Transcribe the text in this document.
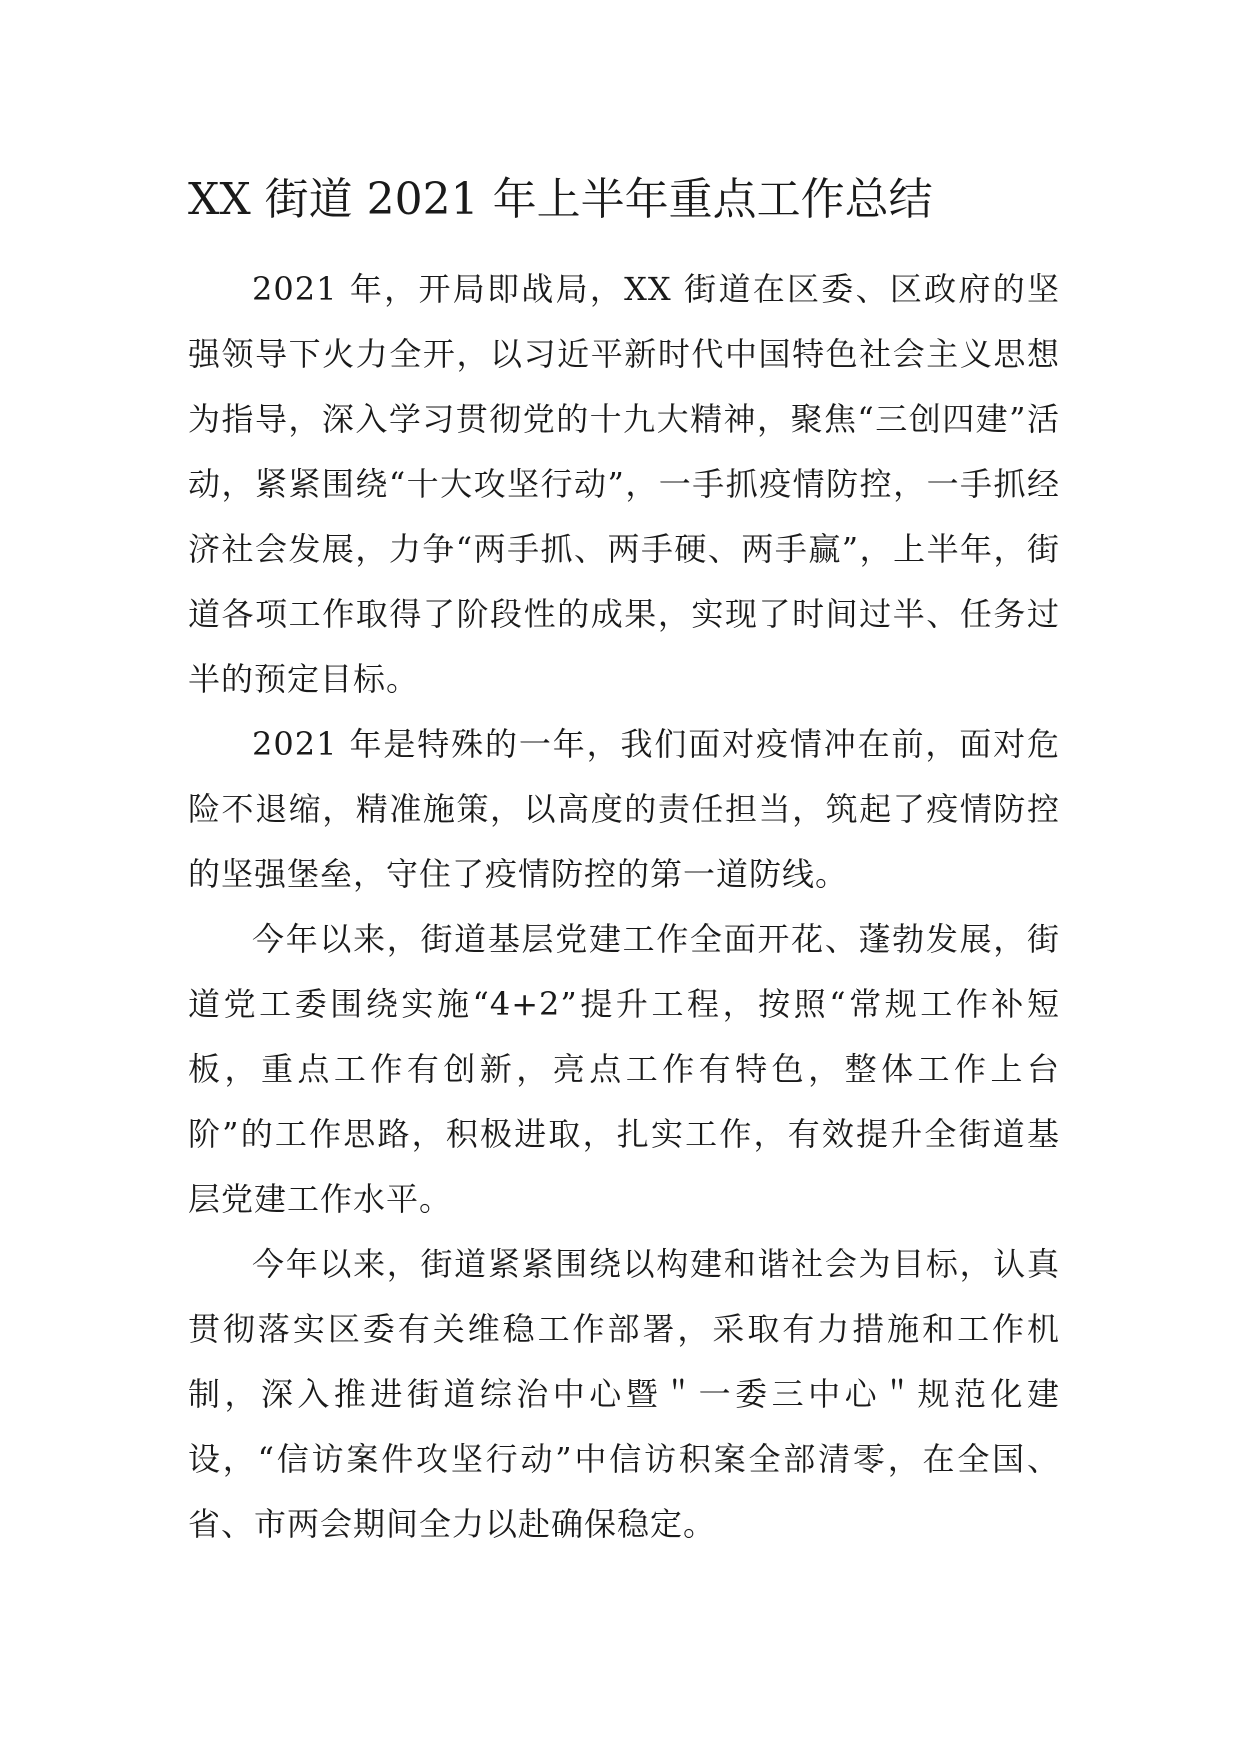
XX 街道 2021 年上半年重点工作总结

2021 年，开局即战局，XX 街道在区委、区政府的坚强领导下火力全开，以习近平新时代中国特色社会主义思想为指导，深入学习贯彻党的十九大精神，聚焦“三创四建”活动，紧紧围绕“十大攻坚行动”，一手抓疫情防控，一手抓经济社会发展，力争“两手抓、两手硬、两手赢”，上半年，街道各项工作取得了阶段性的成果，实现了时间过半、任务过半的预定目标。

2021 年是特殊的一年，我们面对疫情冲在前，面对危险不退缩，精准施策，以高度的责任担当，筑起了疫情防控的坚强堡垒，守住了疫情防控的第一道防线。

今年以来，街道基层党建工作全面开花、蓬勃发展，街道党工委围绕实施“4+2”提升工程，按照“常规工作补短板，重点工作有创新，亮点工作有特色，整体工作上台阶”的工作思路，积极进取，扎实工作，有效提升全街道基层党建工作水平。

今年以来，街道紧紧围绕以构建和谐社会为目标，认真贯彻落实区委有关维稳工作部署，采取有力措施和工作机制，深入推进街道综治中心暨＂一委三中心＂规范化建设，“信访案件攻坚行动”中信访积案全部清零，在全国、省、市两会期间全力以赴确保稳定。
